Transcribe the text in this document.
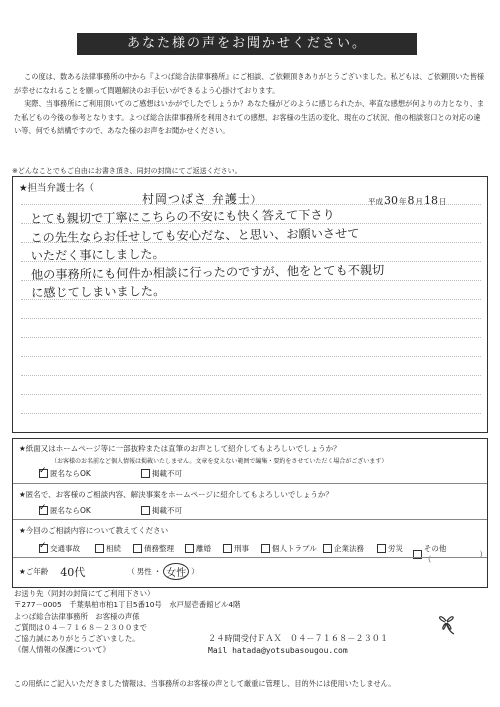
あなた様の声をお聞かせください。

この度は、数ある法律事務所の中から『よつば総合法律事務所』にご相談、ご依頼頂きありがとうございました。私どもは、ご依頼頂いた皆様が幸せになれることを願って問題解決のお手伝いができるよう心掛けております。

実際、当事務所にご利用頂いてのご感想はいかがでしたでしょうか？あなた様がどのように感じられたか、率直な感想が何よりの力となり、また私どもの今後の参考となります。よつば総合法律事務所を利用されての感想、お客様の生活の変化、現在のご状況、他の相談窓口との対応の違い等、何でも結構ですので、あなた様のお声をお聞かせください。

※どんなことでもご自由にお書き頂き、同封の封筒にてご返送ください。
★担当弁護士名（
村岡つばさ 弁護士）	平成 30 年 8 月 18 日
とても親切で丁寧にこちらの不安にも快く答えて下さり
この先生ならお任せしても安心だな、と思い、お願いさせて
いただく事にしました。
他の事務所にも何件か相談に行ったのですが、他をとても不親切
に感じてしまいました。
★紙面又はホームページ等に一部抜粋または直筆のお声として紹介してもよろしいでしょうか？
（お客様のお名前など個人情報は掲載いたしません。文章を変えない範囲で編集・要約をさせていただく場合がございます）
✓
匿名ならOK	掲載不可
★匿名で、お客様のご相談内容、解決事案をホームページに紹介してもよろしいでしょうか？
✓
匿名ならOK	掲載不可
★今回のご相談内容について教えてください
✓
交通事故	相続	債務整理	離婚	刑事	個人トラブル 企業法務	労災	その他（
）
★ご年齢 40代	（ 男性 ・ 女性 ）
お送り先（同封の封筒にてご利用下さい）
〒277－0005　千葉県柏市柏1丁目5番10号　水戸屋壱番館ビル4階
よつば総合法律事務所　お客様の声係
ご質問は０４－７１６８－２３００まで
ご協力誠にありがとうございました。
《個人情報の保護について》
２４時間受付ＦＡＸ　０４－７１６８－２３０１
Mail hatada@yotsubasougou.com
この用紙にご記入いただきました情報は、当事務所のお客様の声として厳重に管理し、目的外には使用いたしません。
